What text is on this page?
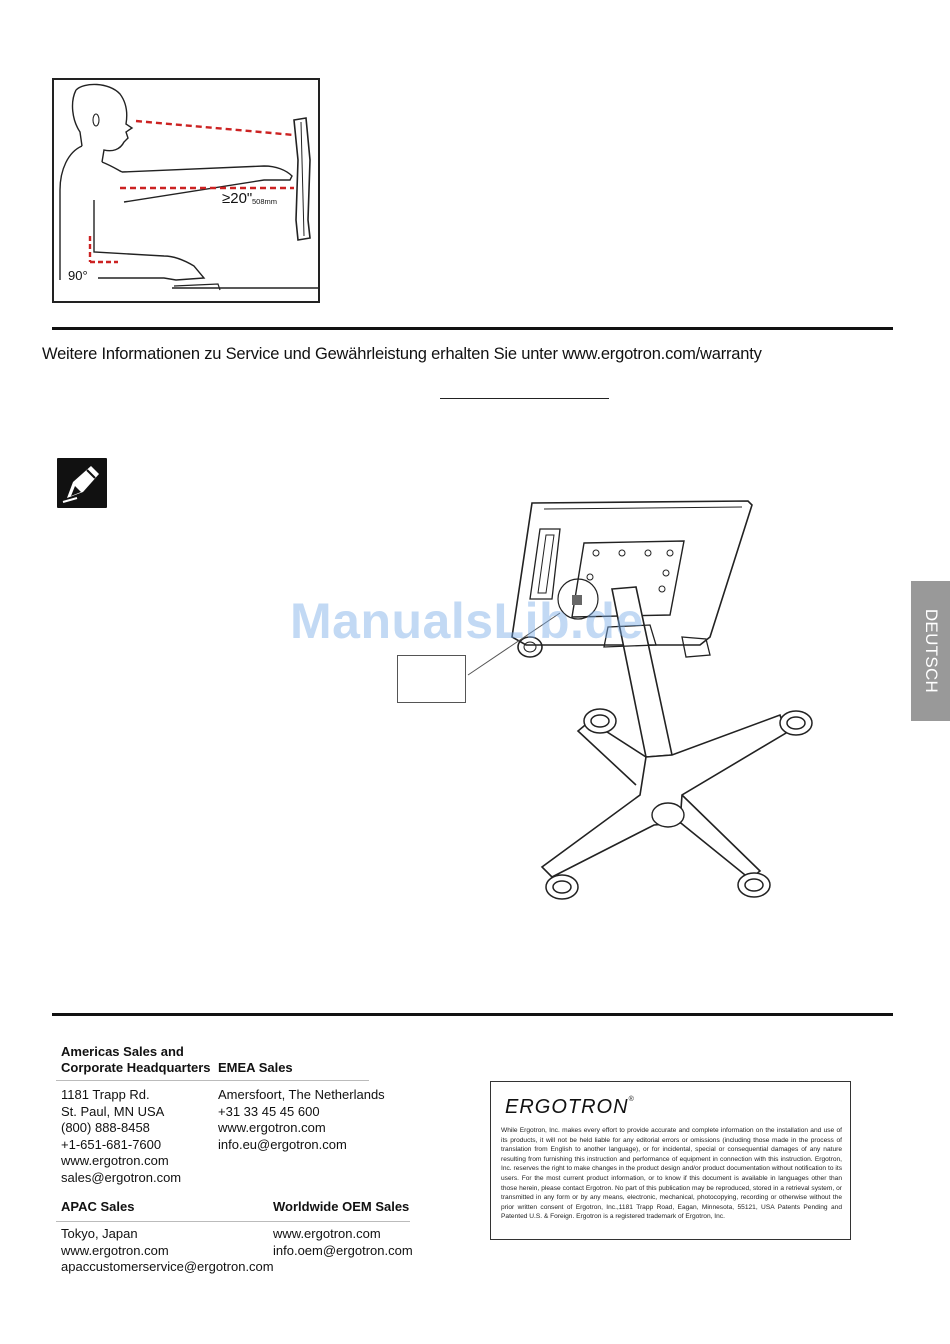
≥20" 508mm
90°
Weitere Informationen zu Service und Gewährleistung erhalten Sie unter www.ergotron.com/warranty
DEUTSCH
ManualsLib.de
Americas Sales and
Corporate Headquarters
1181 Trapp Rd.
St. Paul, MN USA
(800) 888-8458
+1-651-681-7600
www.ergotron.com
sales@ergotron.com
EMEA Sales
Amersfoort, The Netherlands
+31 33 45 45 600
www.ergotron.com
info.eu@ergotron.com
APAC Sales
Tokyo, Japan
www.ergotron.com
apaccustomerservice@ergotron.com
Worldwide OEM Sales
www.ergotron.com
info.oem@ergotron.com
ERGOTRON®
While Ergotron, Inc. makes every effort to provide accurate and complete information on the installation and use of its products, it will not be held liable for any editorial errors or omissions (including those made in the process of translation from English to another language), or for incidental, special or consequential damages of any nature resulting from furnishing this instruction and performance of equipment in connection with this instruction. Ergotron, Inc. reserves the right to make changes in the product design and/or product documentation without notification to its users. For the most current product information, or to know if this document is available in languages other than those herein, please contact Ergotron. No part of this publication may be reproduced, stored in a retrieval system, or transmitted in any form or by any means, electronic, mechanical, photocopying, recording or otherwise without the prior written consent of Ergotron, Inc.,1181 Trapp Road, Eagan, Minnesota, 55121, USA Patents Pending and Patented U.S. & Foreign. Ergotron is a registered trademark of Ergotron, Inc.
